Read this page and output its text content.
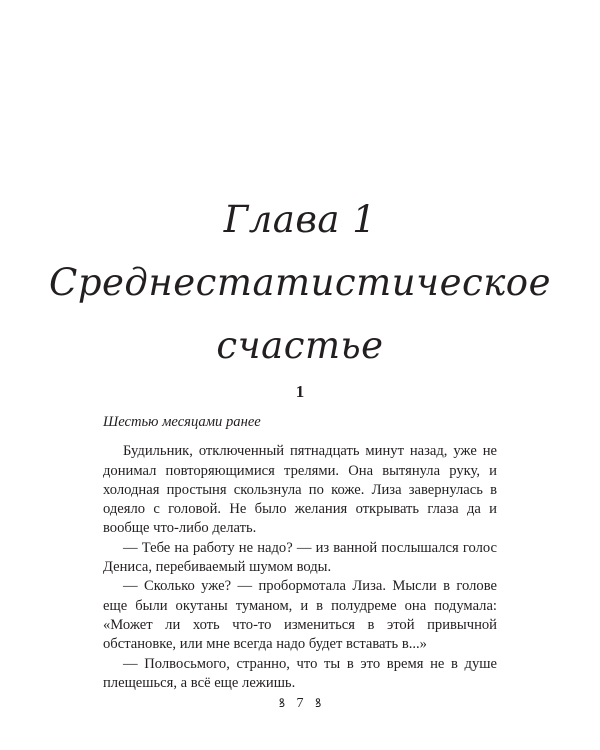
Глава 1
Среднестатистическое
счастье
1

Шестью месяцами ранее

Будильник, отключенный пятнадцать минут назад, уже не донимал повторяющимися трелями. Она вытянула руку, и холодная простыня скользнула по коже. Лиза завернулась в одеяло с головой. Не было желания открывать глаза да и вообще что-либо делать.

— Тебе на работу не надо? — из ванной послышался голос Дениса, перебиваемый шумом воды.

— Сколько уже? — пробормотала Лиза. Мысли в голове еще были окутаны туманом, и в полудреме она подумала: «Может ли хоть что-то измениться в этой привычной обстановке, или мне всегда надо будет вставать в...»

— Полвосьмого, странно, что ты в это время не в душе плещешься, а всё еще лежишь.

ꝸ 7 ꝸ
